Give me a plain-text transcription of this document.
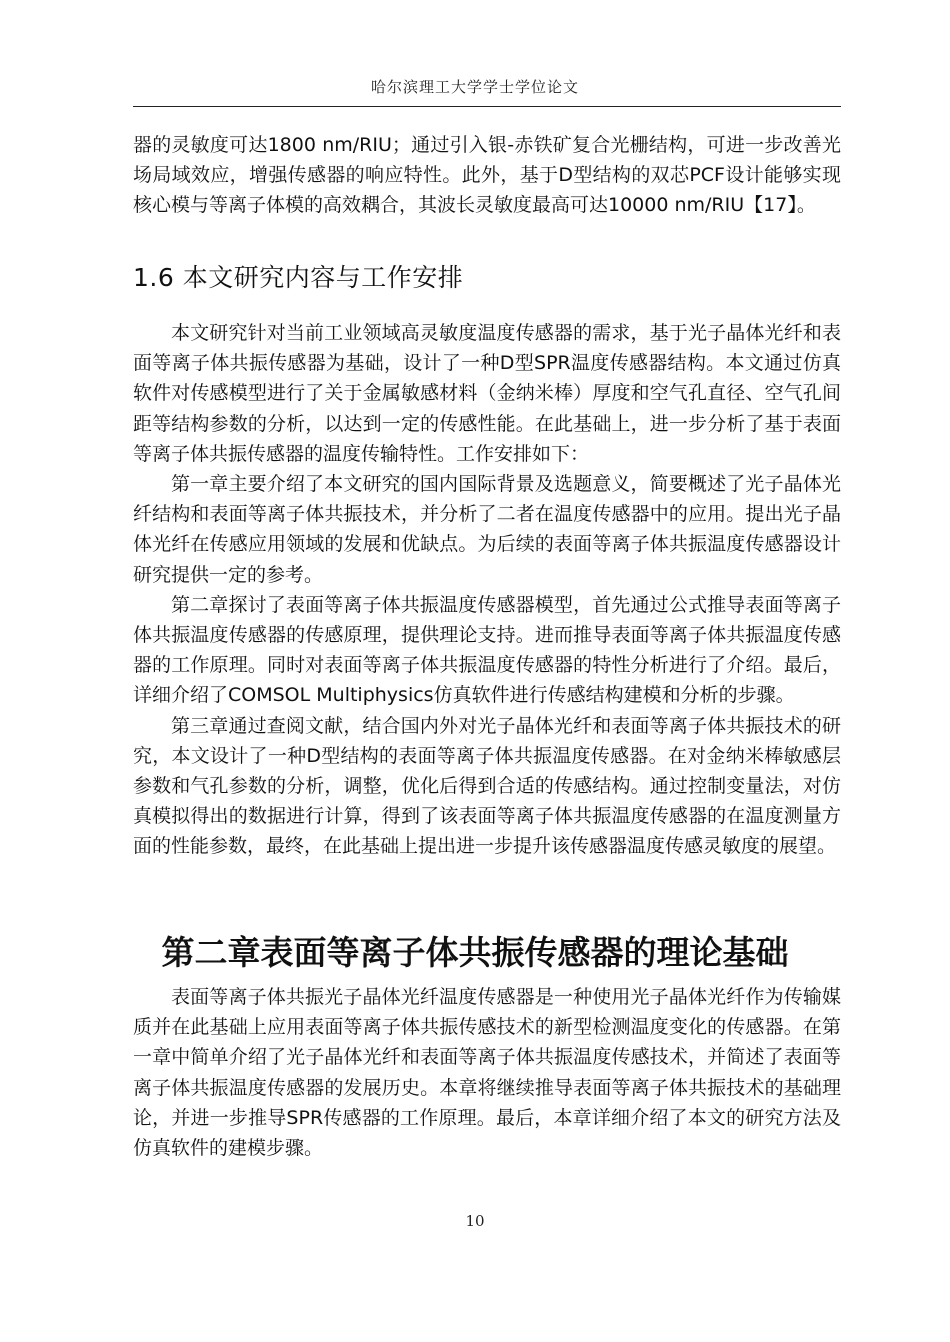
哈尔滨理工大学学士学位论文

器的灵敏度可达1800 nm/RIU；通过引入银-赤铁矿复合光栅结构，可进一步改善光场局域效应，增强传感器的响应特性。此外，基于D型结构的双芯PCF设计能够实现核心模与等离子体模的高效耦合，其波长灵敏度最高可达10000 nm/RIU【17】。

1.6 本文研究内容与工作安排

本文研究针对当前工业领域高灵敏度温度传感器的需求，基于光子晶体光纤和表面等离子体共振传感器为基础，设计了一种D型SPR温度传感器结构。本文通过仿真软件对传感模型进行了关于金属敏感材料（金纳米棒）厚度和空气孔直径、空气孔间距等结构参数的分析，以达到一定的传感性能。在此基础上，进一步分析了基于表面等离子体共振传感器的温度传输特性。工作安排如下：

第一章主要介绍了本文研究的国内国际背景及选题意义，简要概述了光子晶体光纤结构和表面等离子体共振技术，并分析了二者在温度传感器中的应用。提出光子晶体光纤在传感应用领域的发展和优缺点。为后续的表面等离子体共振温度传感器设计研究提供一定的参考。

第二章探讨了表面等离子体共振温度传感器模型，首先通过公式推导表面等离子体共振温度传感器的传感原理，提供理论支持。进而推导表面等离子体共振温度传感器的工作原理。同时对表面等离子体共振温度传感器的特性分析进行了介绍。最后，详细介绍了COMSOL Multiphysics仿真软件进行传感结构建模和分析的步骤。

第三章通过查阅文献，结合国内外对光子晶体光纤和表面等离子体共振技术的研究，本文设计了一种D型结构的表面等离子体共振温度传感器。在对金纳米棒敏感层参数和气孔参数的分析，调整，优化后得到合适的传感结构。通过控制变量法，对仿真模拟得出的数据进行计算，得到了该表面等离子体共振温度传感器的在温度测量方面的性能参数，最终，在此基础上提出进一步提升该传感器温度传感灵敏度的展望。

第二章表面等离子体共振传感器的理论基础

表面等离子体共振光子晶体光纤温度传感器是一种使用光子晶体光纤作为传输媒质并在此基础上应用表面等离子体共振传感技术的新型检测温度变化的传感器。在第一章中简单介绍了光子晶体光纤和表面等离子体共振温度传感技术，并简述了表面等离子体共振温度传感器的发展历史。本章将继续推导表面等离子体共振技术的基础理论，并进一步推导SPR传感器的工作原理。最后，本章详细介绍了本文的研究方法及仿真软件的建模步骤。

10
